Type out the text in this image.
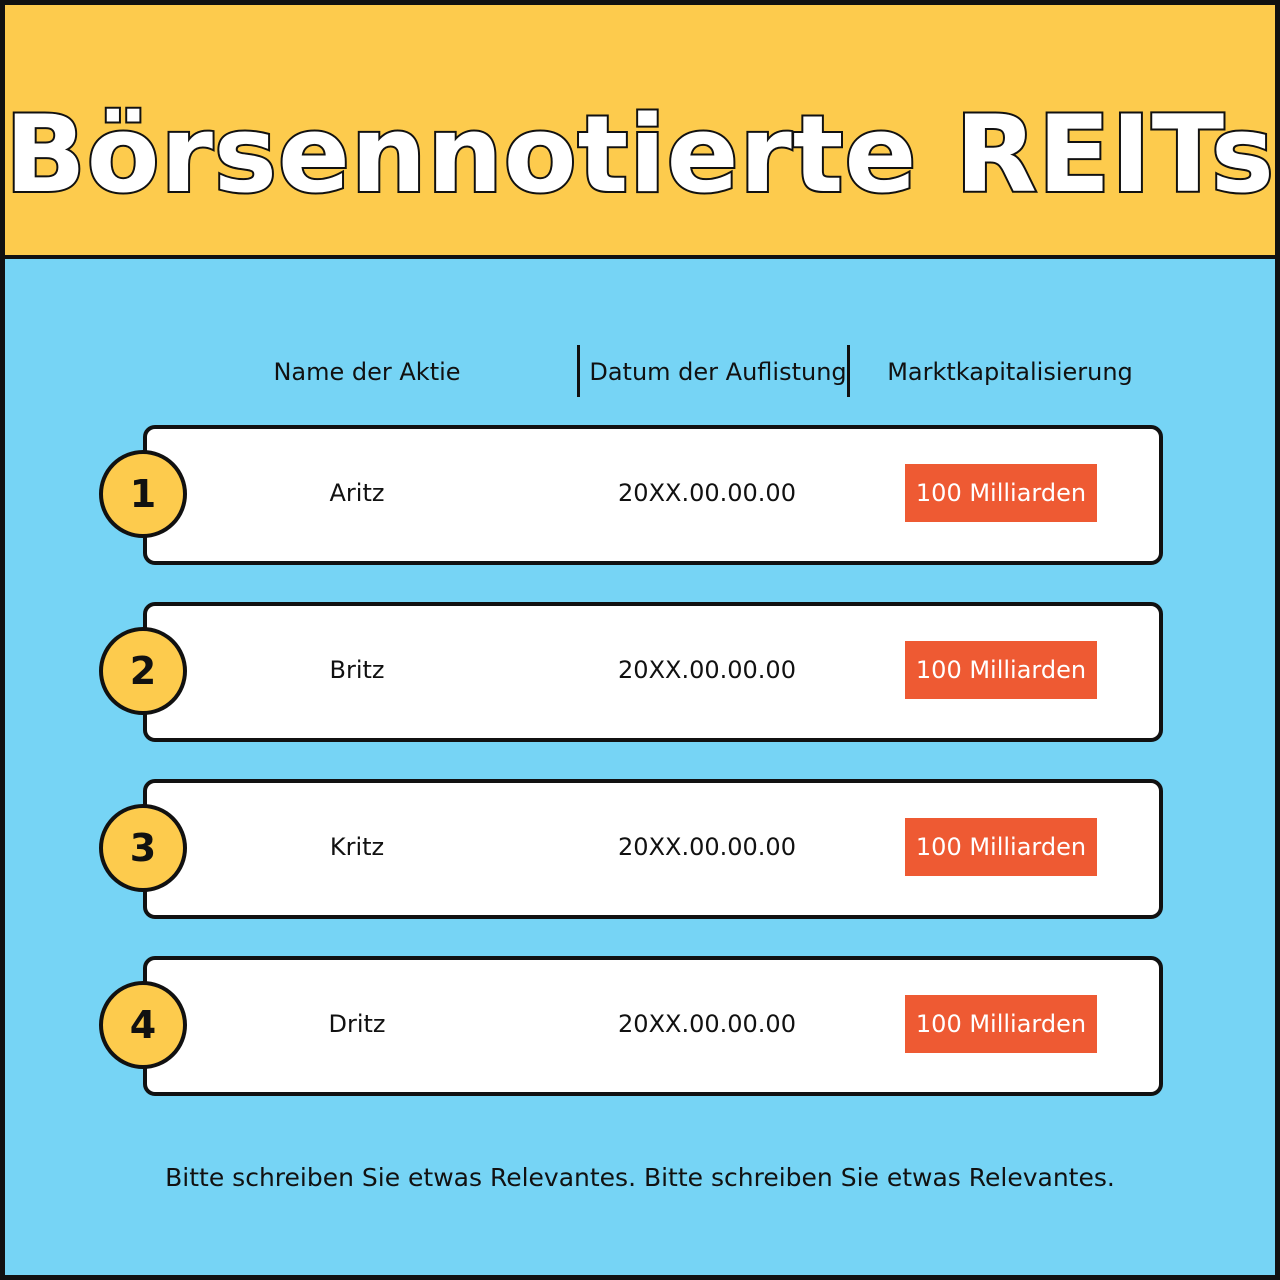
Börsennotierte REITs
Name der Aktie	Datum der Auflistung	Marktkapitalisierung
1	Aritz	20XX.00.00.00	100 Milliarden
2	Britz	20XX.00.00.00	100 Milliarden
3	Kritz	20XX.00.00.00	100 Milliarden
4	Dritz	20XX.00.00.00	100 Milliarden
Bitte schreiben Sie etwas Relevantes. Bitte schreiben Sie etwas Relevantes.
